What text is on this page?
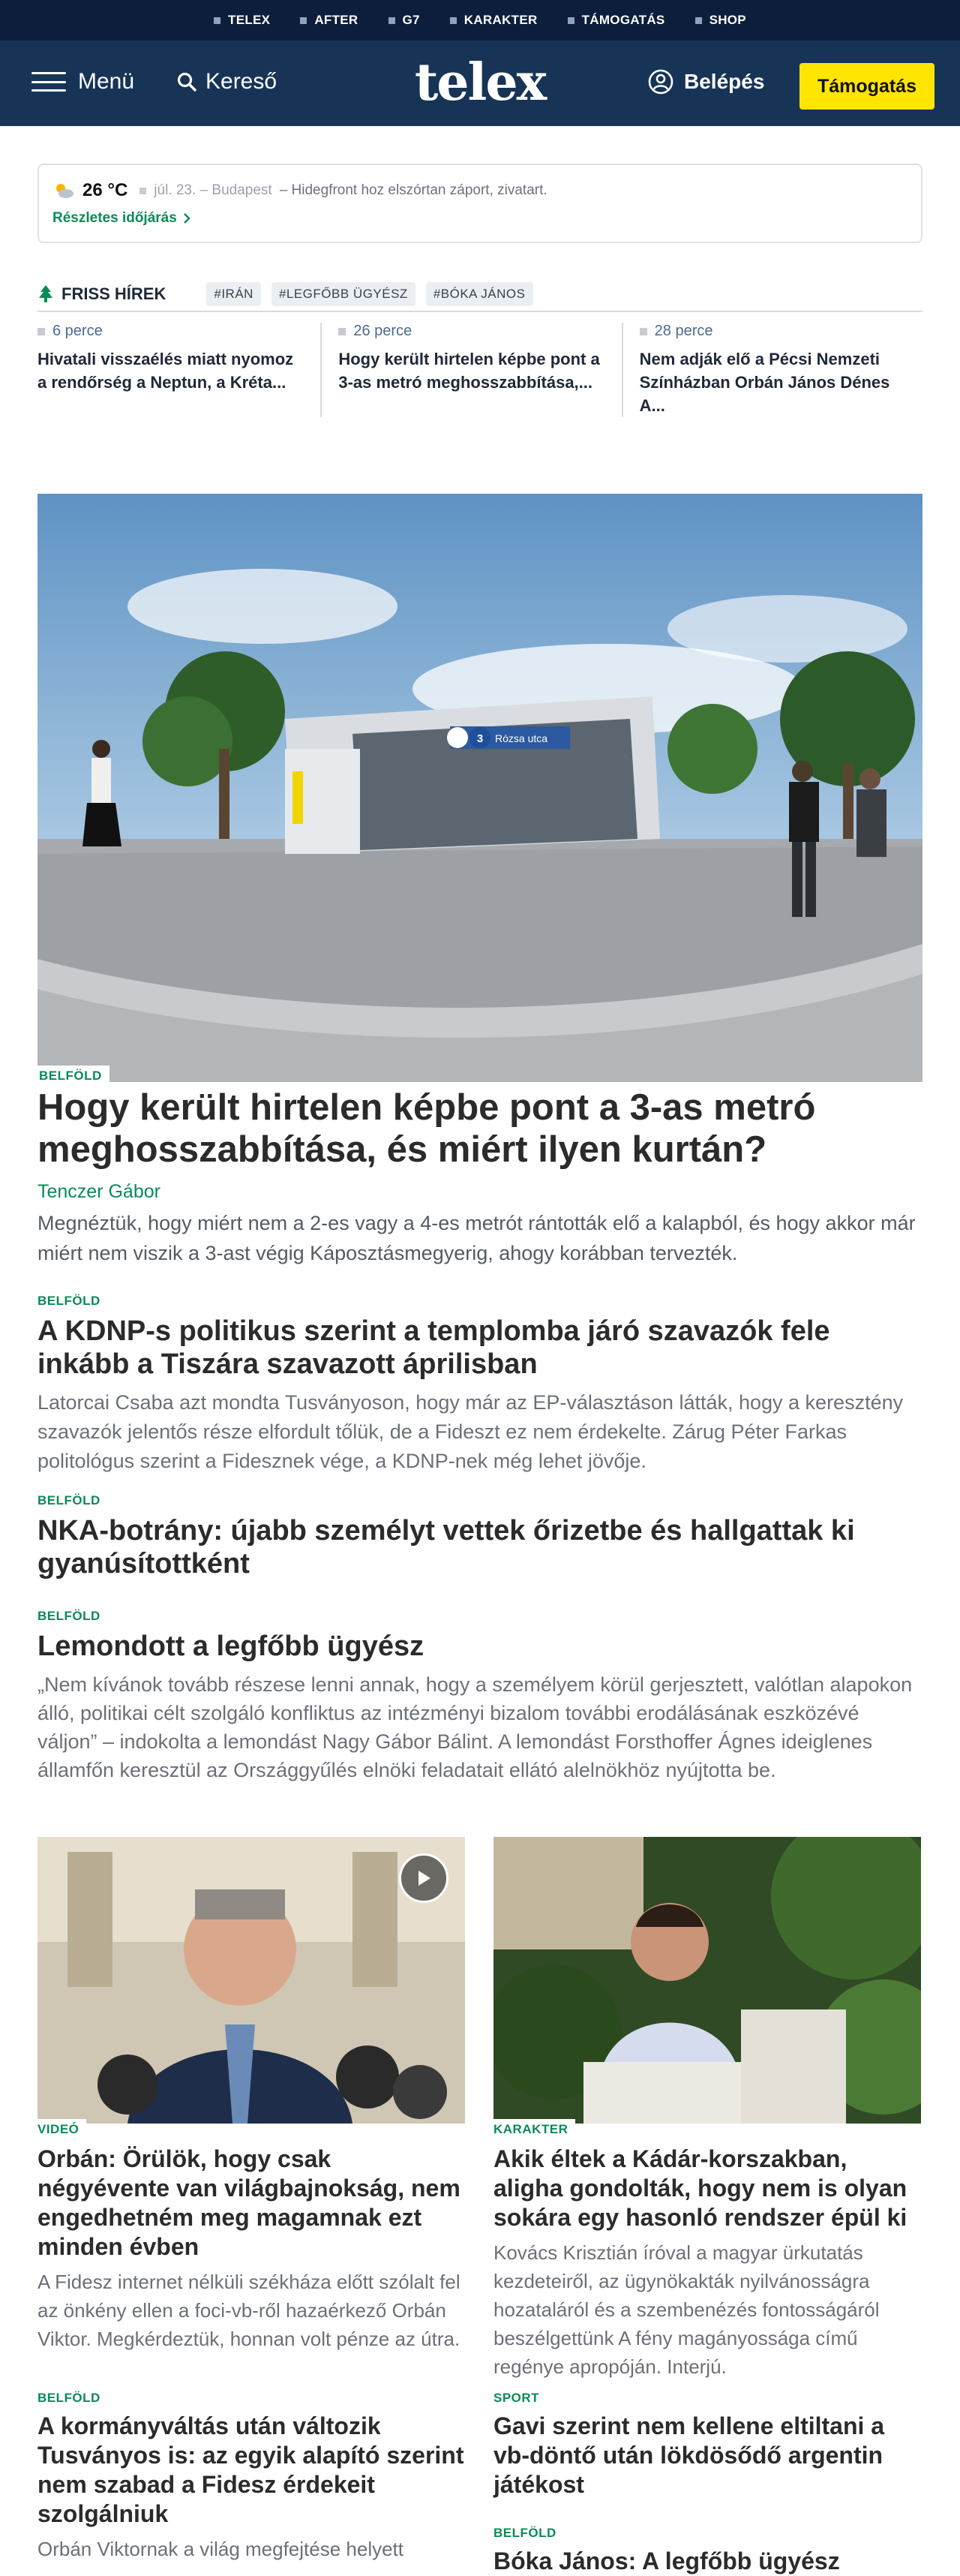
TELEX	AFTER	G7	KARAKTER	TÁMOGATÁS	SHOP
Menü	Kereső	telex	Belépés	Támogatás
26 °C júl. 23. – Budapest – Hidegfront hoz elszórtan záport, zivatart.
Részletes időjárás
FRISS HÍREK	#IRÁN	#LEGFŐBB ÜGYÉSZ	#BÓKA JÁNOS
6 perce
Hivatali visszaélés miatt nyomoz a rendőrség a Neptun, a Kréta...
26 perce
Hogy került hirtelen képbe pont a 3-as metró meghosszabbítása,...
28 perce
Nem adják elő a Pécsi Nemzeti Színházban Orbán János Dénes A...
3 Rózsa utca
BELFÖLD
Hogy került hirtelen képbe pont a 3-as metró meghosszabbítása, és miért ilyen kurtán?
Tenczer Gábor
Megnéztük, hogy miért nem a 2-es vagy a 4-es metrót rántották elő a kalapból, és hogy akkor már miért nem viszik a 3-ast végig Káposztásmegyerig, ahogy korábban tervezték.
BELFÖLD
A KDNP-s politikus szerint a templomba járó szavazók fele inkább a Tiszára szavazott áprilisban
Latorcai Csaba azt mondta Tusványoson, hogy már az EP-választáson látták, hogy a keresztény szavazók jelentős része elfordult tőlük, de a Fideszt ez nem érdekelte. Zárug Péter Farkas politológus szerint a Fidesznek vége, a KDNP-nek még lehet jövője.
BELFÖLD
NKA-botrány: újabb személyt vettek őrizetbe és hallgattak ki gyanúsítottként
BELFÖLD
Lemondott a legfőbb ügyész
„Nem kívánok tovább részese lenni annak, hogy a személyem körül gerjesztett, valótlan alapokon álló, politikai célt szolgáló konfliktus az intézményi bizalom további erodálásának eszközévé váljon” – indokolta a lemondást Nagy Gábor Bálint. A lemondást Forsthoffer Ágnes ideiglenes államfőn keresztül az Országgyűlés elnöki feladatait ellátó alelnökhöz nyújtotta be.
VIDEÓ
Orbán: Örülök, hogy csak négyévente van világbajnokság, nem engedhetném meg magamnak ezt minden évben
A Fidesz internet nélküli székháza előtt szólalt fel az önkény ellen a foci-vb-ről hazaérkező Orbán Viktor. Megkérdeztük, honnan volt pénze az útra.
BELFÖLD
A kormányváltás után változik Tusványos is: az egyik alapító szerint nem szabad a Fidesz érdekeit szolgálniuk
Orbán Viktornak a világ megfejtése helyett
KARAKTER
Akik éltek a Kádár-korszakban, aligha gondolták, hogy nem is olyan sokára egy hasonló rendszer épül ki
Kovács Krisztián íróval a magyar ürkutatás kezdeteiről, az ügynökakták nyilvánosságra hozataláról és a szembenézés fontosságáról beszélgettünk A fény magányossága című regénye apropóján. Interjú.
SPORT
Gavi szerint nem kellene eltiltani a vb-döntő után lökdösődő argentin játékost
BELFÖLD
Bóka János: A legfőbb ügyész
